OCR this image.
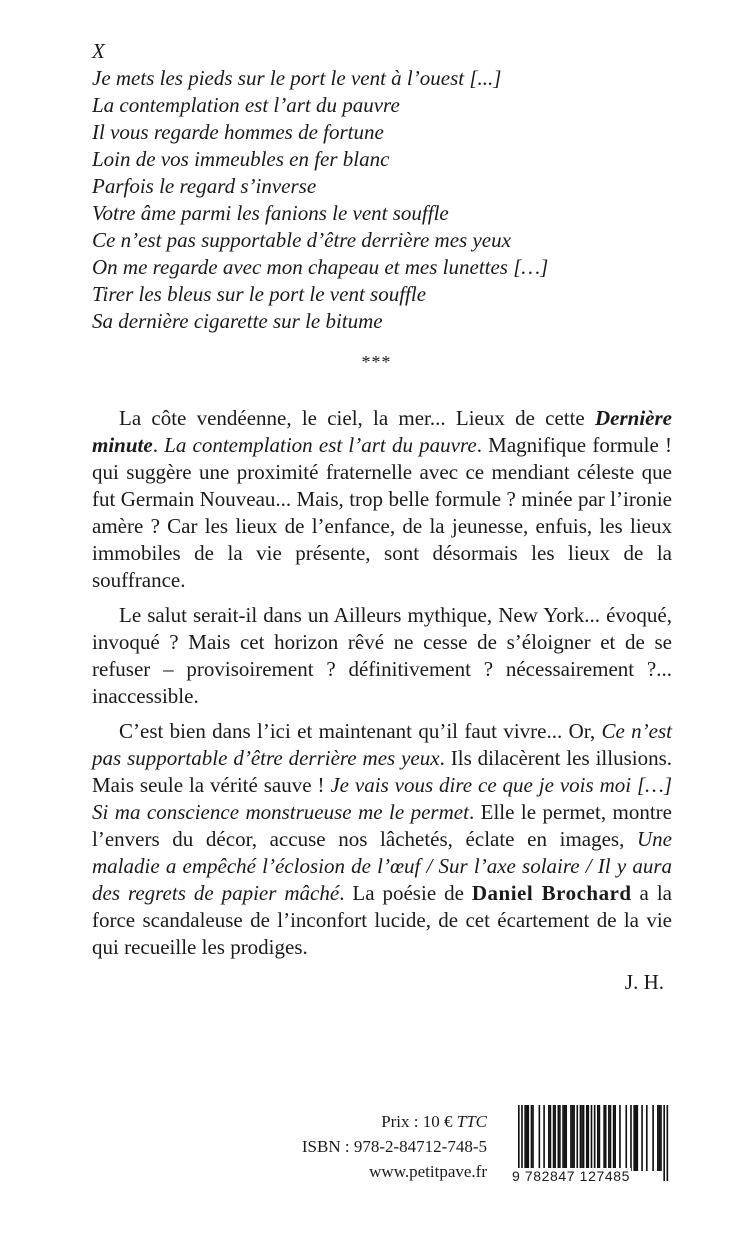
X
Je mets les pieds sur le port le vent à l’ouest [...]
La contemplation est l’art du pauvre
Il vous regarde hommes de fortune
Loin de vos immeubles en fer blanc
Parfois le regard s’inverse
Votre âme parmi les fanions le vent souffle
Ce n’est pas supportable d’être derrière mes yeux
On me regarde avec mon chapeau et mes lunettes […]
Tirer les bleus sur le port le vent souffle
Sa dernière cigarette sur le bitume
***

La côte vendéenne, le ciel, la mer... Lieux de cette Dernière minute. La contemplation est l’art du pauvre. Magnifique formule ! qui suggère une proximité fraternelle avec ce mendiant céleste que fut Germain Nouveau... Mais, trop belle formule ? minée par l’ironie amère ? Car les lieux de l’enfance, de la jeunesse, enfuis, les lieux immobiles de la vie présente, sont désormais les lieux de la souffrance.

Le salut serait-il dans un Ailleurs mythique, New York... évoqué, invoqué ? Mais cet horizon rêvé ne cesse de s’éloigner et de se refuser – provisoirement ? définitivement ? nécessairement ?... inaccessible.

C’est bien dans l’ici et maintenant qu’il faut vivre... Or, Ce n’est pas supportable d’être derrière mes yeux. Ils dilacèrent les illusions. Mais seule la vérité sauve ! Je vais vous dire ce que je vois moi […] Si ma conscience monstrueuse me le permet. Elle le permet, montre l’envers du décor, accuse nos lâchetés, éclate en images, Une maladie a empêché l’éclosion de l’œuf / Sur l’axe solaire / Il y aura des regrets de papier mâché. La poésie de Daniel Brochard a la force scandaleuse de l’inconfort lucide, de cet écartement de la vie qui recueille les prodiges.

J. H.

Prix : 10 € TTC
ISBN : 978-2-84712-748-5
www.petitpave.fr 9 782847 127485
